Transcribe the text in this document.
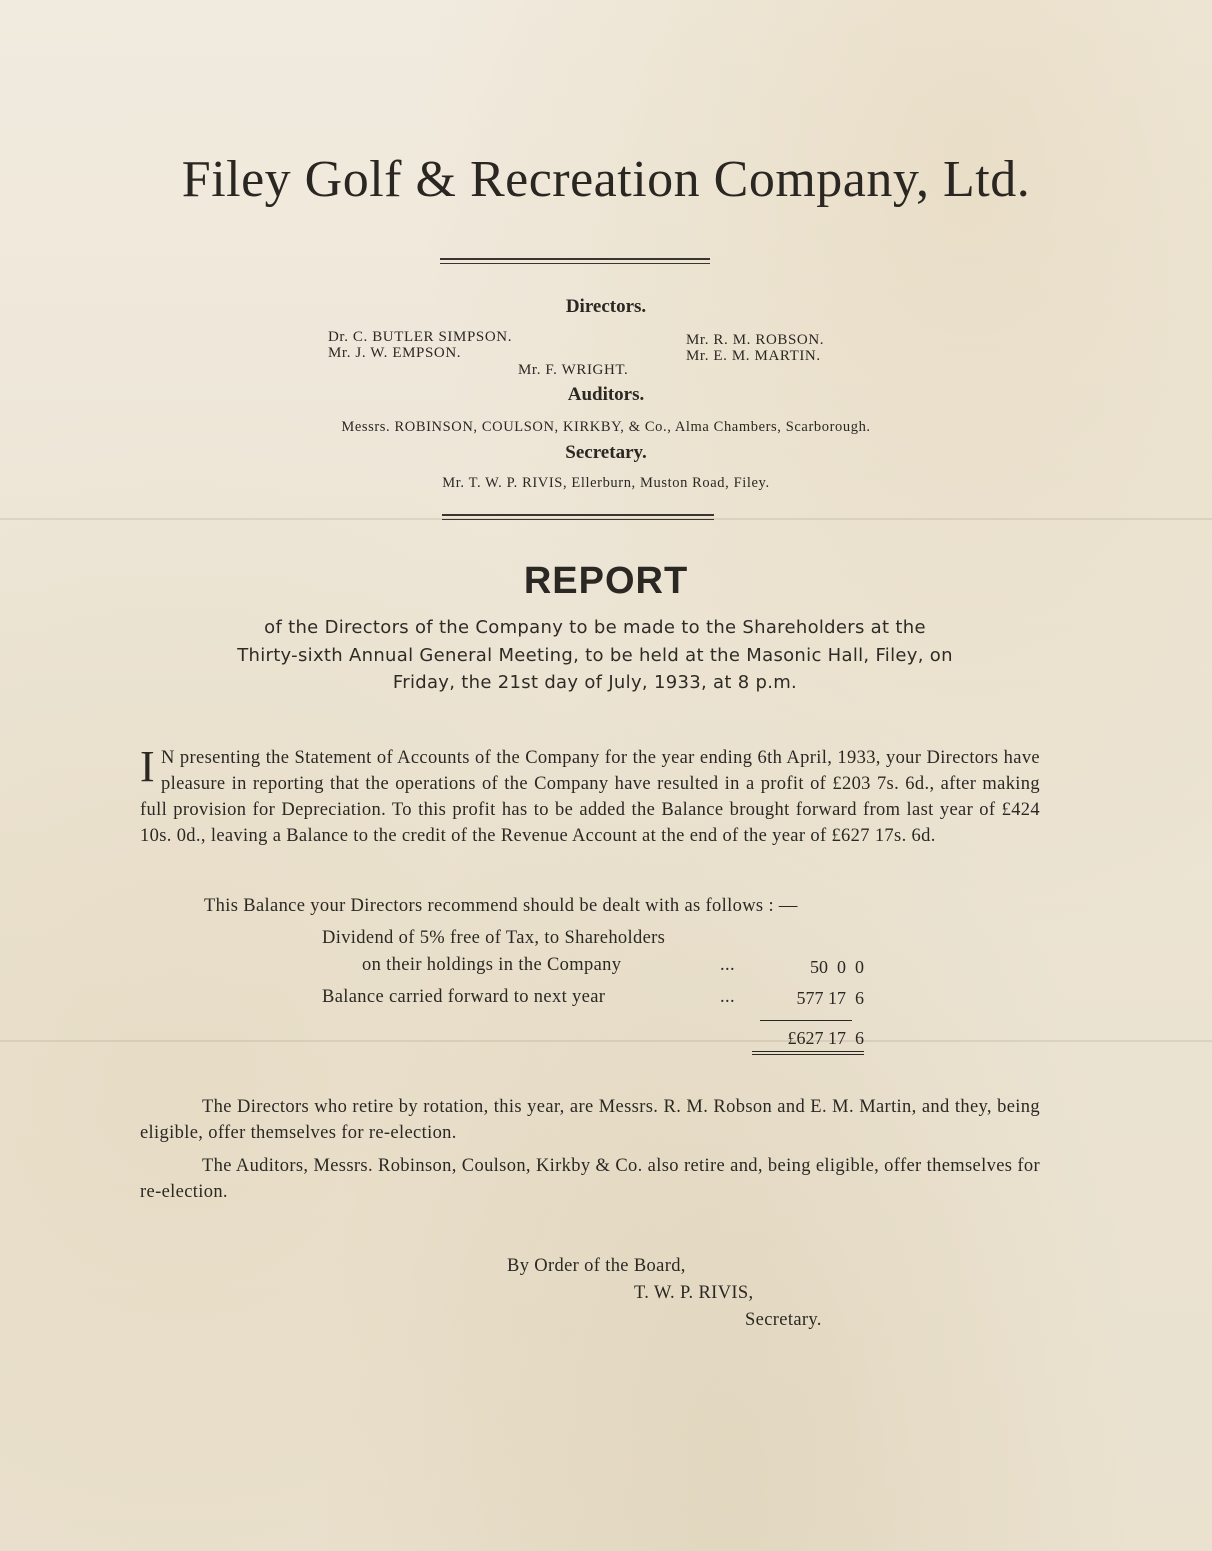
Filey Golf & Recreation Company, Ltd.
Directors.
Dr. C. BUTLER SIMPSON.
Mr. J. W. EMPSON.
Mr. R. M. ROBSON.
Mr. E. M. MARTIN.
Mr. F. WRIGHT.
Auditors.
Messrs. ROBINSON, COULSON, KIRKBY, & Co., Alma Chambers, Scarborough.
Secretary.
Mr. T. W. P. RIVIS, Ellerburn, Muston Road, Filey.
REPORT
of the Directors of the Company to be made to the Shareholders at the
Thirty-sixth Annual General Meeting, to be held at the Masonic Hall, Filey, on
Friday, the 21st day of July, 1933, at 8 p.m.
I N presenting the Statement of Accounts of the Company for the year ending 6th April, 1933, your Directors have pleasure in reporting that the operations of the Company have resulted in a profit of £203 7s. 6d., after making full provision for Depreciation. To this profit has to be added the Balance brought forward from last year of £424 10s. 0d., leaving a Balance to the credit of the Revenue Account at the end of the year of £627 17s. 6d.
This Balance your Directors recommend should be dealt with as follows : —
Dividend of 5% free of Tax, to Shareholders
on their holdings in the Company	...	50  0  0
Balance carried forward to next year	...	577 17  6
£627 17  6
The Directors who retire by rotation, this year, are Messrs. R. M. Robson and E. M. Martin, and they, being eligible, offer themselves for re-election.
The Auditors, Messrs. Robinson, Coulson, Kirkby & Co. also retire and, being eligible, offer themselves for re-election.
By Order of the Board,
T. W. P. RIVIS,
Secretary.
